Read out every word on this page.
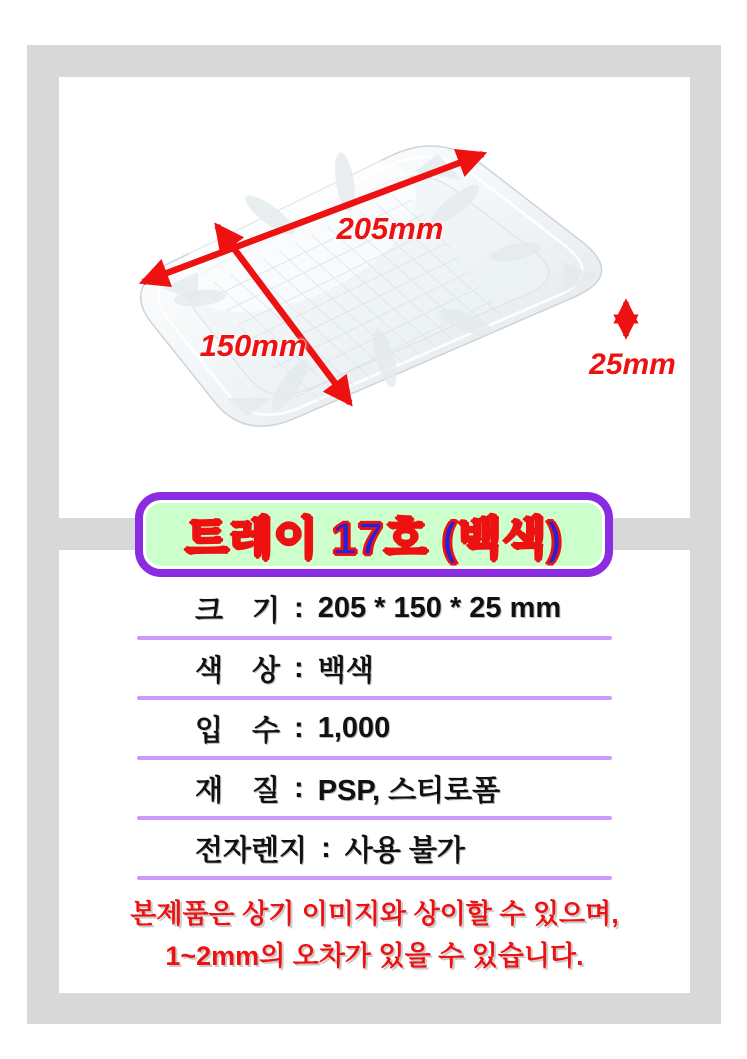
205mm
150mm
25mm
트레이 17호 (백색)
크　기 : 205 * 150 * 25 mm
색　상 : 백색
입　수 : 1,000
재　질 : PSP, 스티로폼
전자렌지 : 사용 불가
본제품은 상기 이미지와 상이할 수 있으며,
1~2mm의 오차가 있을 수 있습니다.
